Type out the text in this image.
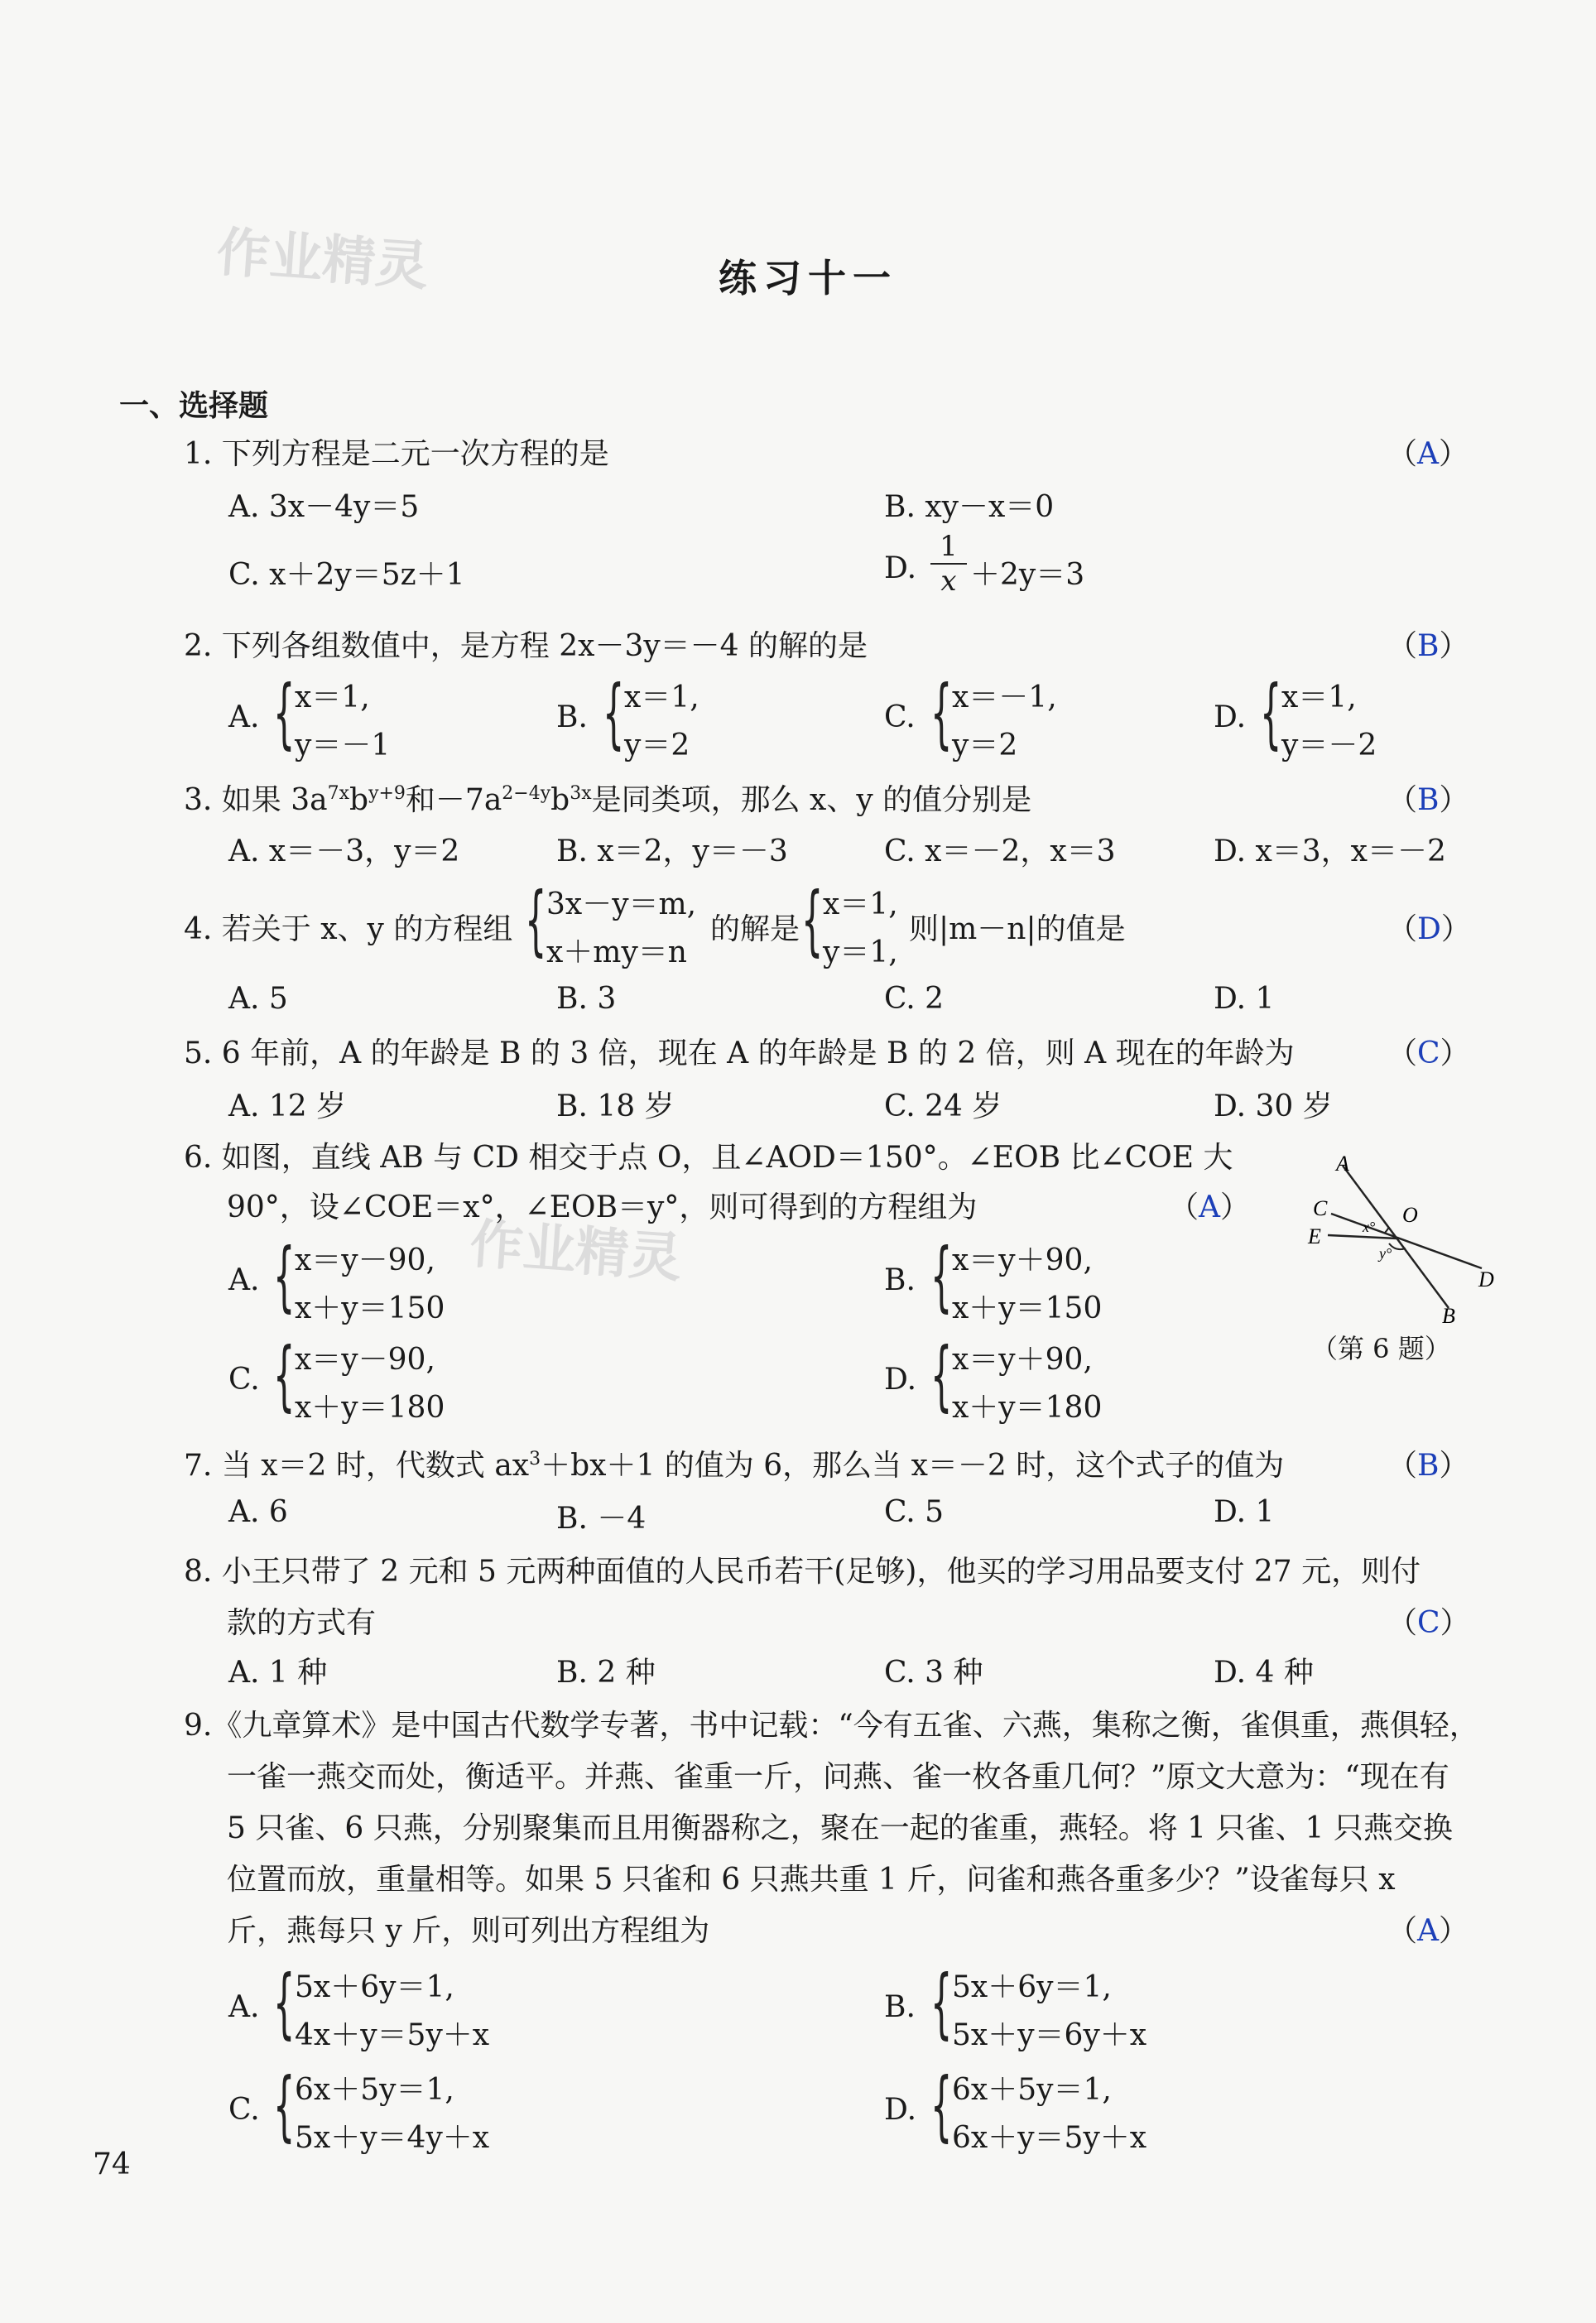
作业精灵
作业精灵
练习十一
一、选择题
1. 下列方程是二元一次方程的是	（A）
A. 3x－4y＝5	B. xy－x＝0
C. x＋2y＝5z＋1	D. $\frac{1}{x} +2y=3$
2. 下列各组数值中，是方程 2x－3y＝－4 的解的是	（B）
A. { x＝1,
y＝－1
B. { x＝1,
y＝2
C. { x＝－1,
y＝2
D. { x＝1,
y＝－2
3. 如果 $3a^{7x}b^{y+9}$和$-7a^{2-4y}b^{3x}$是同类项，那么 x、y 的值分别是	（B）
A. x＝－3，y＝2	B. x＝2，y＝－3	C. x＝－2，x＝3	D. x＝3，x＝－2
4. 若关于 x、y 的方程组 { 3x－y＝m,
x＋my＝n
的解是 { x＝1,
y＝1,
则|m－n|的值是	（D）
A. 5	B. 3	C. 2	D. 1
5. 6 年前，A 的年龄是 B 的 3 倍，现在 A 的年龄是 B 的 2 倍，则 A 现在的年龄为	（C）
A. 12 岁	B. 18 岁	C. 24 岁	D. 30 岁
6. 如图，直线 AB 与 CD 相交于点 O，且∠AOD＝150°。∠EOB 比∠COE 大
90°，设∠COE＝x°，∠EOB＝y°，则可得到的方程组为	（A）
A. { x＝y－90,
x＋y＝150
B. { x＝y＋90,
x＋y＝150
C. { x＝y－90,
x＋y＝180
D. { x＝y＋90,
x＋y＝180
A
B
C
D
E
O
x°
y°
（第 6 题）
7. 当 x＝2 时，代数式 $ax^3+bx+1$ 的值为 6，那么当 x＝－2 时，这个式子的值为	（B）
A. 6	B. －4	C. 5	D. 1
8. 小王只带了 2 元和 5 元两种面值的人民币若干(足够)，他买的学习用品要支付 27 元，则付
款的方式有	（C）
A. 1 种	B. 2 种	C. 3 种	D. 4 种
9.《九章算术》是中国古代数学专著，书中记载：“今有五雀、六燕，集称之衡，雀俱重，燕俱轻，
一雀一燕交而处，衡适平。并燕、雀重一斤，问燕、雀一枚各重几何？”原文大意为：“现在有
5 只雀、6 只燕，分别聚集而且用衡器称之，聚在一起的雀重，燕轻。将 1 只雀、1 只燕交换
位置而放，重量相等。如果 5 只雀和 6 只燕共重 1 斤，问雀和燕各重多少？”设雀每只 x
斤，燕每只 y 斤，则可列出方程组为	（A）
A. { 5x＋6y＝1,
4x＋y＝5y＋x
B. { 5x＋6y＝1,
5x＋y＝6y＋x
C. { 6x＋5y＝1,
5x＋y＝4y＋x
D. { 6x＋5y＝1,
6x＋y＝5y＋x
74
